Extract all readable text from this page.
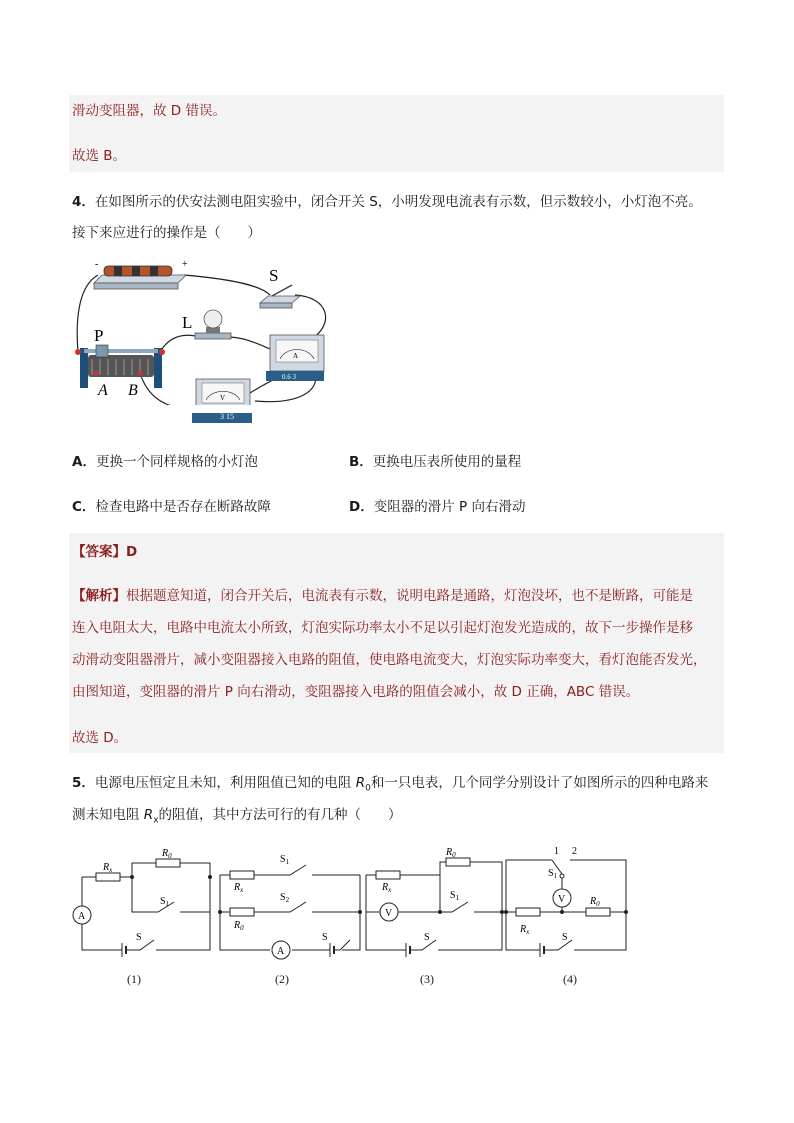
滑动变阻器，故 D 错误。
故选 B。
4．在如图所示的伏安法测电阻实验中，闭合开关 S，小明发现电流表有示数，但示数较小，小灯泡不亮。
接下来应进行的操作是（　　）
-	+
S
L
P
A B
A
0.6 3
V
3 15
A．更换一个同样规格的小灯泡	B．更换电压表所使用的量程
C．检查电路中是否存在断路故障	D．变阻器的滑片 P 向右滑动
【答案】D
【解析】根据题意知道，闭合开关后，电流表有示数，说明电路是通路，灯泡没坏，也不是断路，可能是
连入电阻太大，电路中电流太小所致，灯泡实际功率太小不足以引起灯泡发光造成的，故下一步操作是移
动滑动变阻器滑片，减小变阻器接入电路的阻值，使电路电流变大，灯泡实际功率变大，看灯泡能否发光，
由图知道，变阻器的滑片 P 向右滑动，变阻器接入电路的阻值会减小，故 D 正确，ABC 错误。
故选 D。
5．电源电压恒定且未知，利用阻值已知的电阻 $R_0$和一只电表，几个同学分别设计了如图所示的四种电路来
测未知电阻 $R_x$的阻值，其中方法可行的有几种（　　）
A
A
V
V
$R_x$
$R_0$
$R_x$
$R_0$
$R_x$
$R_0$
$R_x$
$R_0$
$S_1$
S
$S_1$
$S_2$
S
$S_1$
S
$S_1$
1 2
S
(1)	(2)	(3)	(4)
